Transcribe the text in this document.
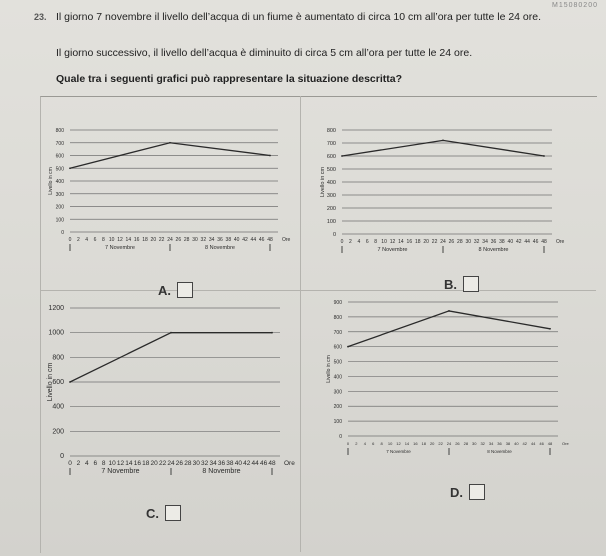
M15080200
23. Il giorno 7 novembre il livello dell’acqua di un fiume è aumentato di circa 10 cm all’ora per tutte le 24 ore.
Il giorno successivo, il livello dell’acqua è diminuito di circa 5 cm all’ora per tutte le 24 ore.
Quale tra i seguenti grafici può rappresentare la situazione descritta?
0
100
200
300
400
500
600
700
800
0 2 4 6 8 10 12 14 16 18 20 22 24 26 28 30 32 34 36 38 40 42 44 46 48 Ore
Livello in cm
7 Novembre	8 Novembre
0
100
200
300
400
500
600
700
800
0 2 4 6 8 10 12 14 16 18 20 22 24 26 28 30 32 34 36 38 40 42 44 46 48 Ore
Livello in cm
7 Novembre	8 Novembre
0
200
400
600
800
1000
1200
0 2 4 6 8 10 12 14 16 18 20 22 24 26 28 30 32 34 36 38 40 42 44 46 48 Ore
Livello in cm
7 Novembre	8 Novembre
0
100
200
300
400
500
600
700
800
900
0 2 4 6 8 10 12 14 16 18 20 22 24 26 28 30 32 34 36 38 40 42 44 46 48 Ore
Livello in cm
7 Novembre	8 Novembre
A.	B.
C.
D.
